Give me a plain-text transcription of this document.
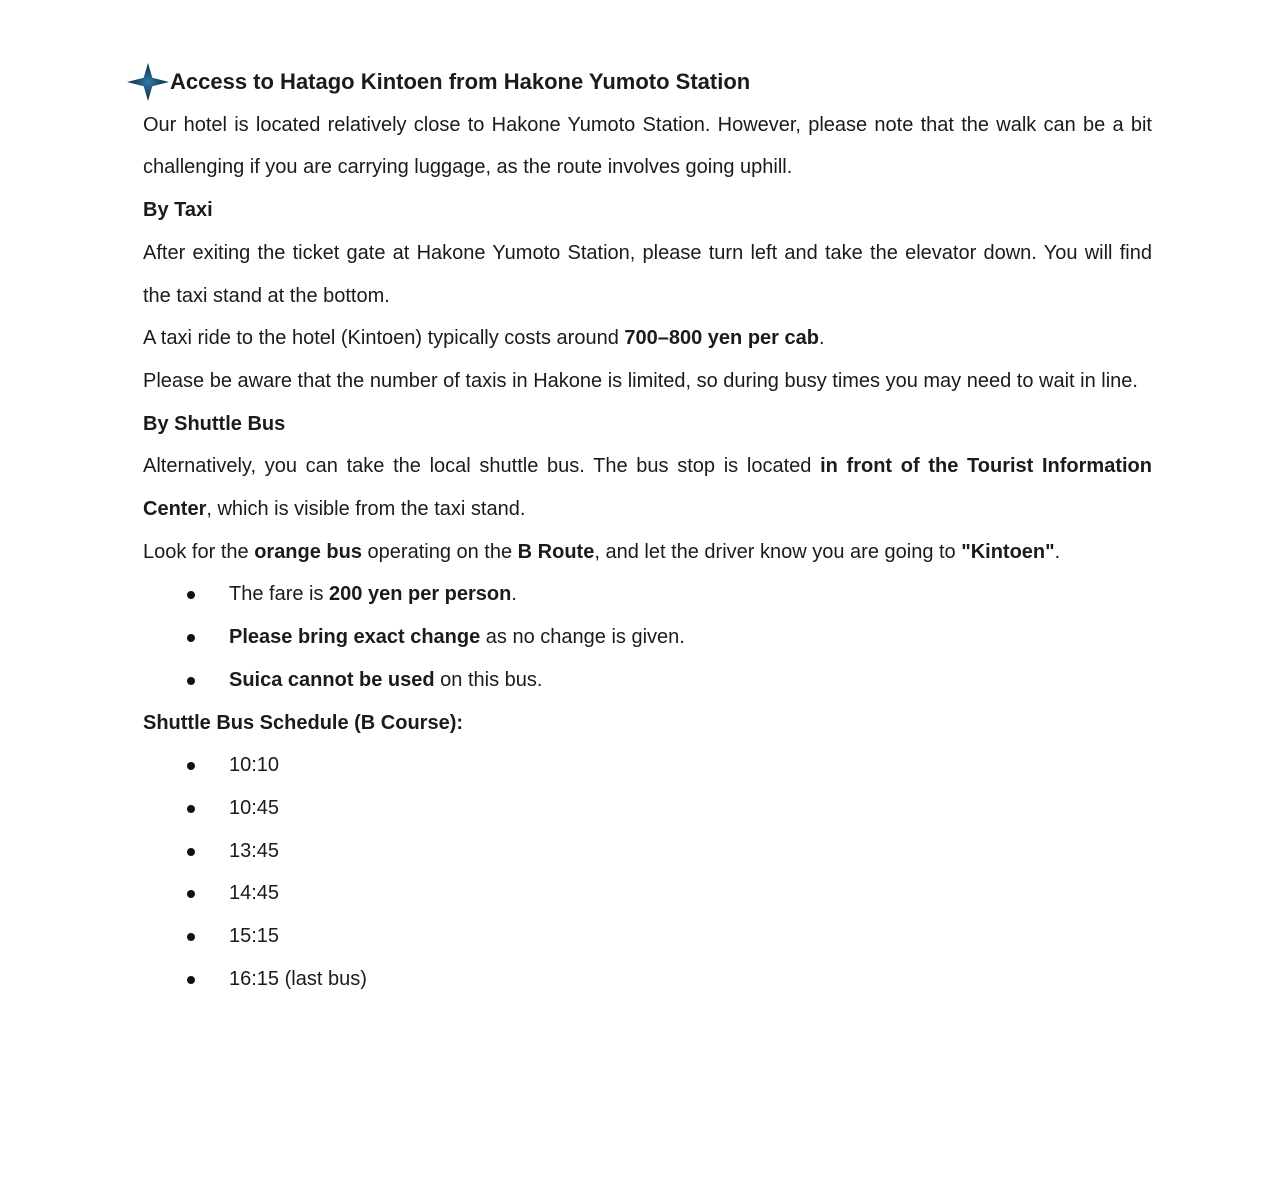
Access to Hatago Kintoen from Hakone Yumoto Station

Our hotel is located relatively close to Hakone Yumoto Station. However, please note that the walk can be a bit challenging if you are carrying luggage, as the route involves going uphill.

By Taxi

After exiting the ticket gate at Hakone Yumoto Station, please turn left and take the elevator down. You will find the taxi stand at the bottom.

A taxi ride to the hotel (Kintoen) typically costs around 700–800 yen per cab.

Please be aware that the number of taxis in Hakone is limited, so during busy times you may need to wait in line.

By Shuttle Bus

Alternatively, you can take the local shuttle bus. The bus stop is located in front of the Tourist Information Center, which is visible from the taxi stand.

Look for the orange bus operating on the B Route, and let the driver know you are going to "Kintoen".

The fare is 200 yen per person.
Please bring exact change as no change is given.
Suica cannot be used on this bus.
Shuttle Bus Schedule (B Course):
10:10
10:45
13:45
14:45
15:15
16:15 (last bus)
